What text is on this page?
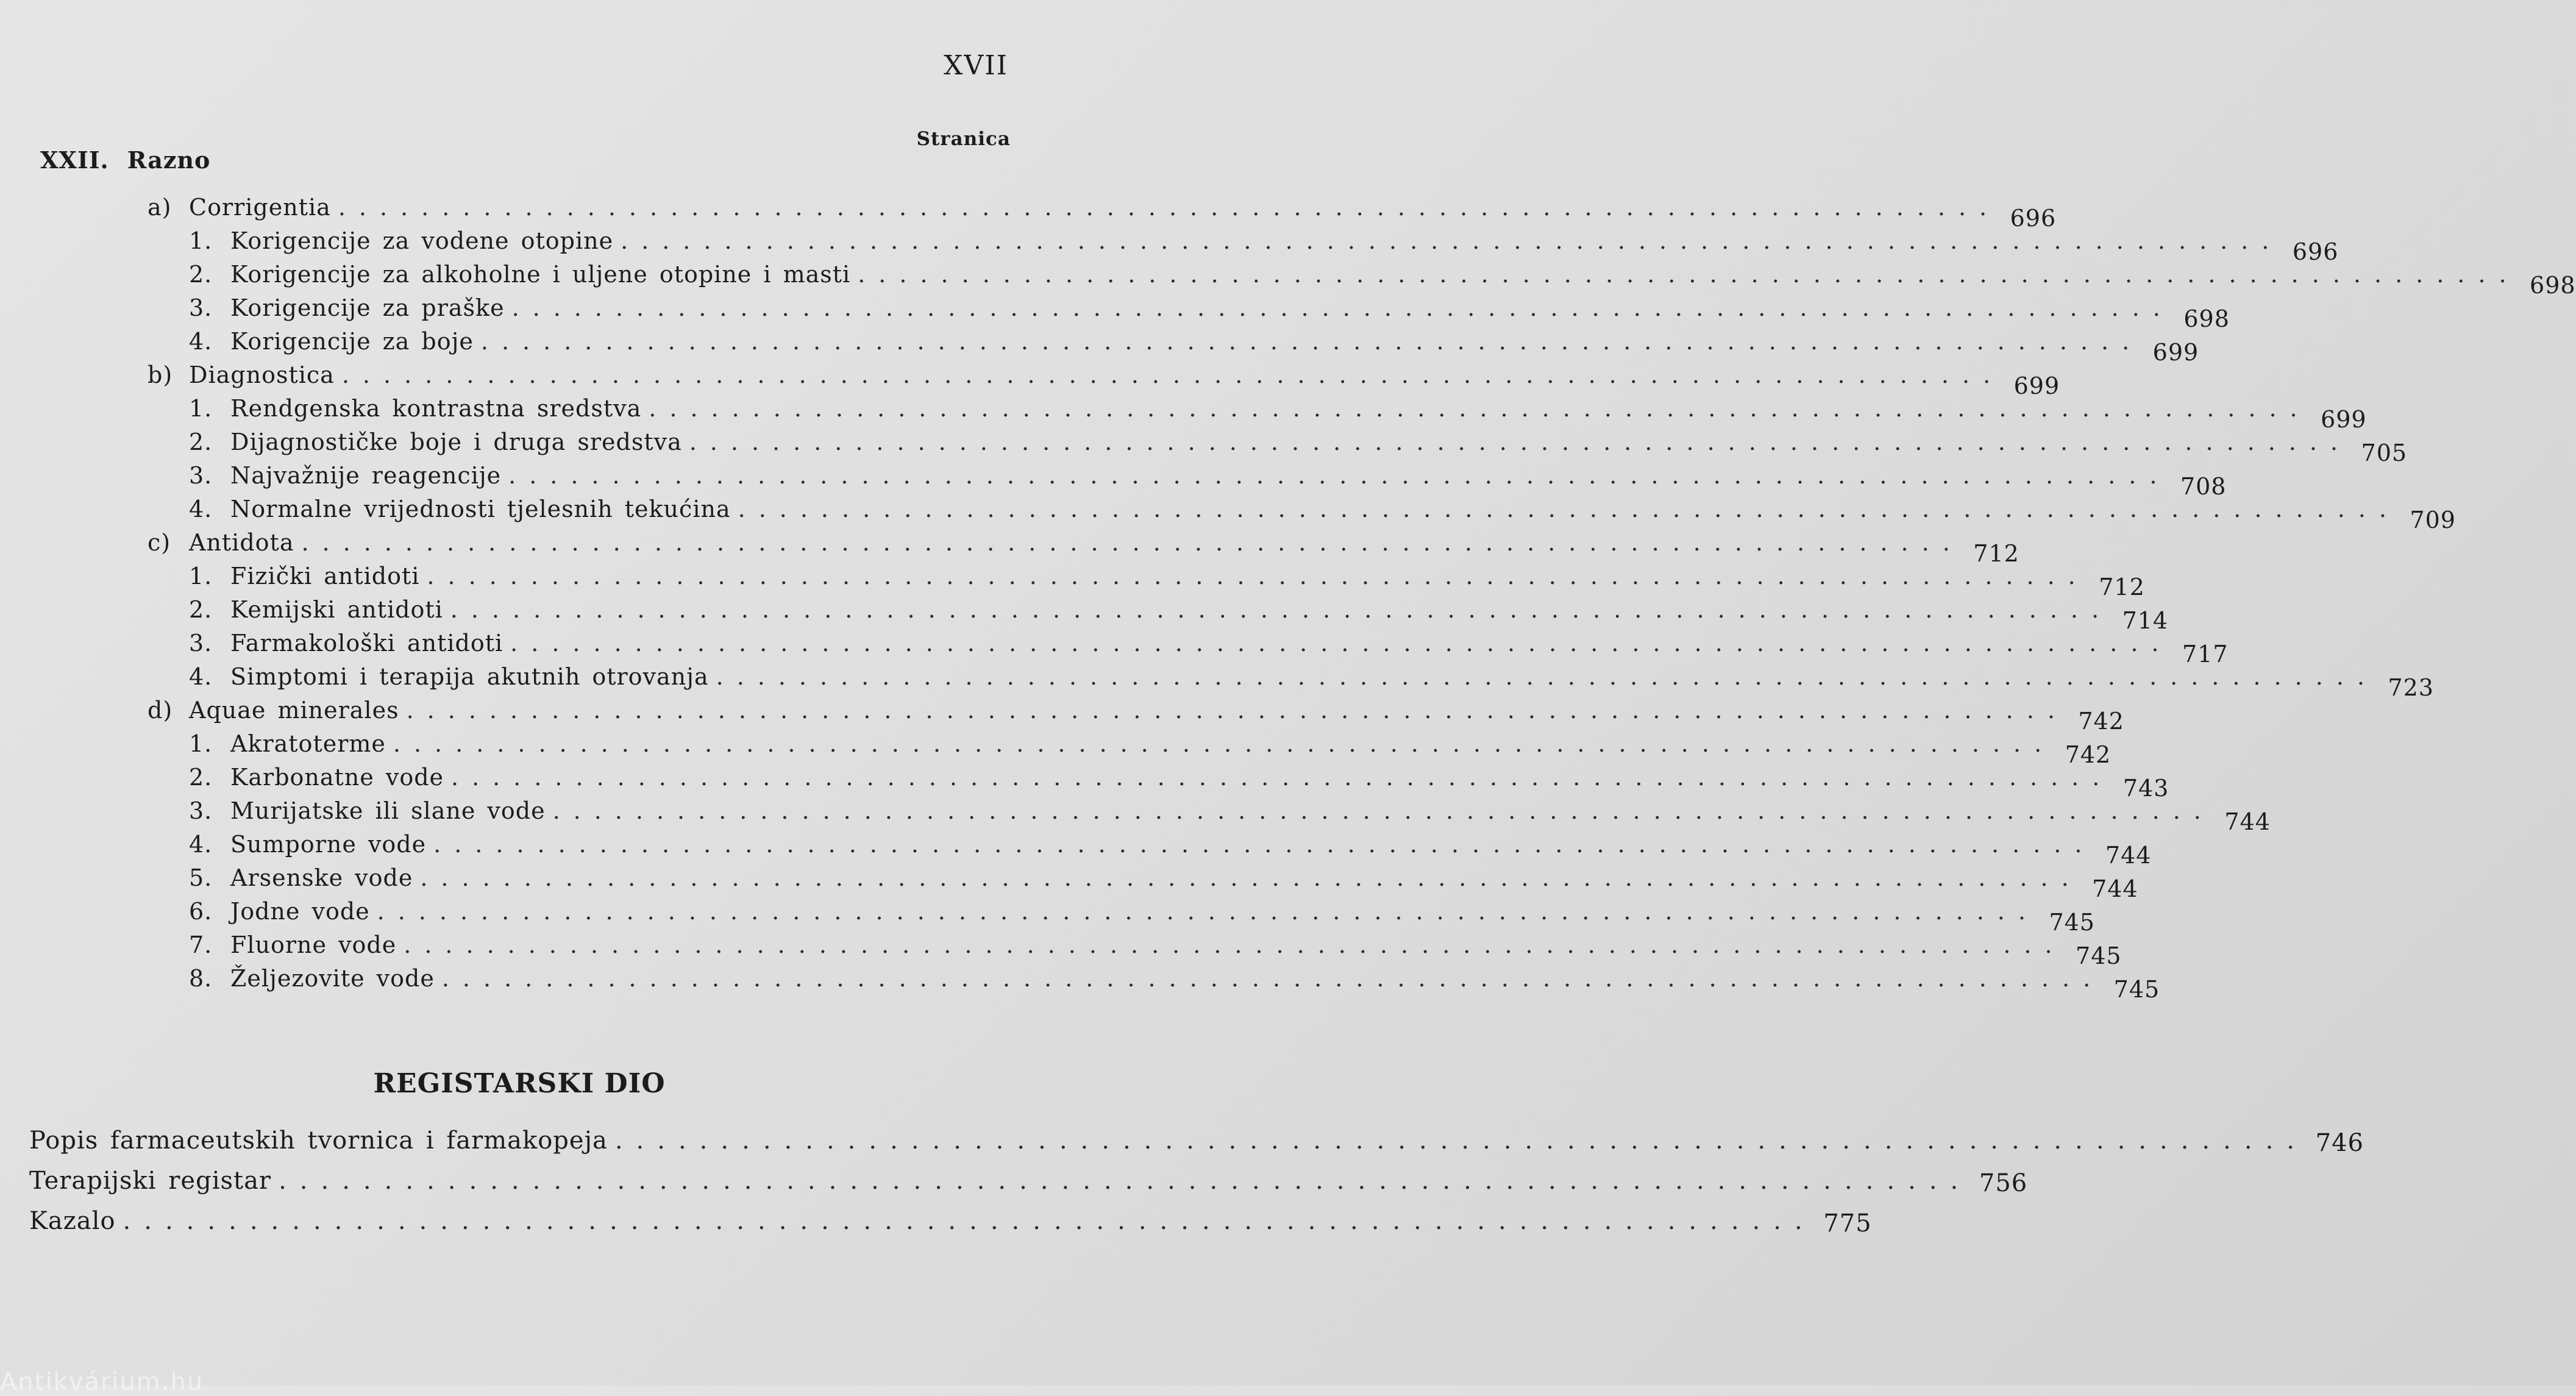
XVII
Stranica
XXII. Razno
a) Corrigentia ................................................................................ 696
1. Korigencije za vodene otopine ................................................................................ 696
2. Korigencije za alkoholne i uljene otopine i masti ................................................................................ 698
3. Korigencije za praške ................................................................................ 698
4. Korigencije za boje ................................................................................ 699
b) Diagnostica ................................................................................ 699
1. Rendgenska kontrastna sredstva ................................................................................ 699
2. Dijagnostičke boje i druga sredstva ................................................................................ 705
3. Najvažnije reagencije ................................................................................ 708
4. Normalne vrijednosti tjelesnih tekućina ................................................................................ 709
c) Antidota ................................................................................ 712
1. Fizički antidoti ................................................................................ 712
2. Kemijski antidoti ................................................................................ 714
3. Farmakološki antidoti ................................................................................ 717
4. Simptomi i terapija akutnih otrovanja ................................................................................ 723
d) Aquae minerales ................................................................................ 742
1. Akratoterme ................................................................................ 742
2. Karbonatne vode ................................................................................ 743
3. Murijatske ili slane vode ................................................................................ 744
4. Sumporne vode ................................................................................ 744
5. Arsenske vode ................................................................................ 744
6. Jodne vode ................................................................................ 745
7. Fluorne vode ................................................................................ 745
8. Željezovite vode ................................................................................ 745
REGISTARSKI DIO
Popis farmaceutskih tvornica i farmakopeja ................................................................................ 746
Terapijski registar ................................................................................ 756
Kazalo ................................................................................ 775
Antikvárium.hu
